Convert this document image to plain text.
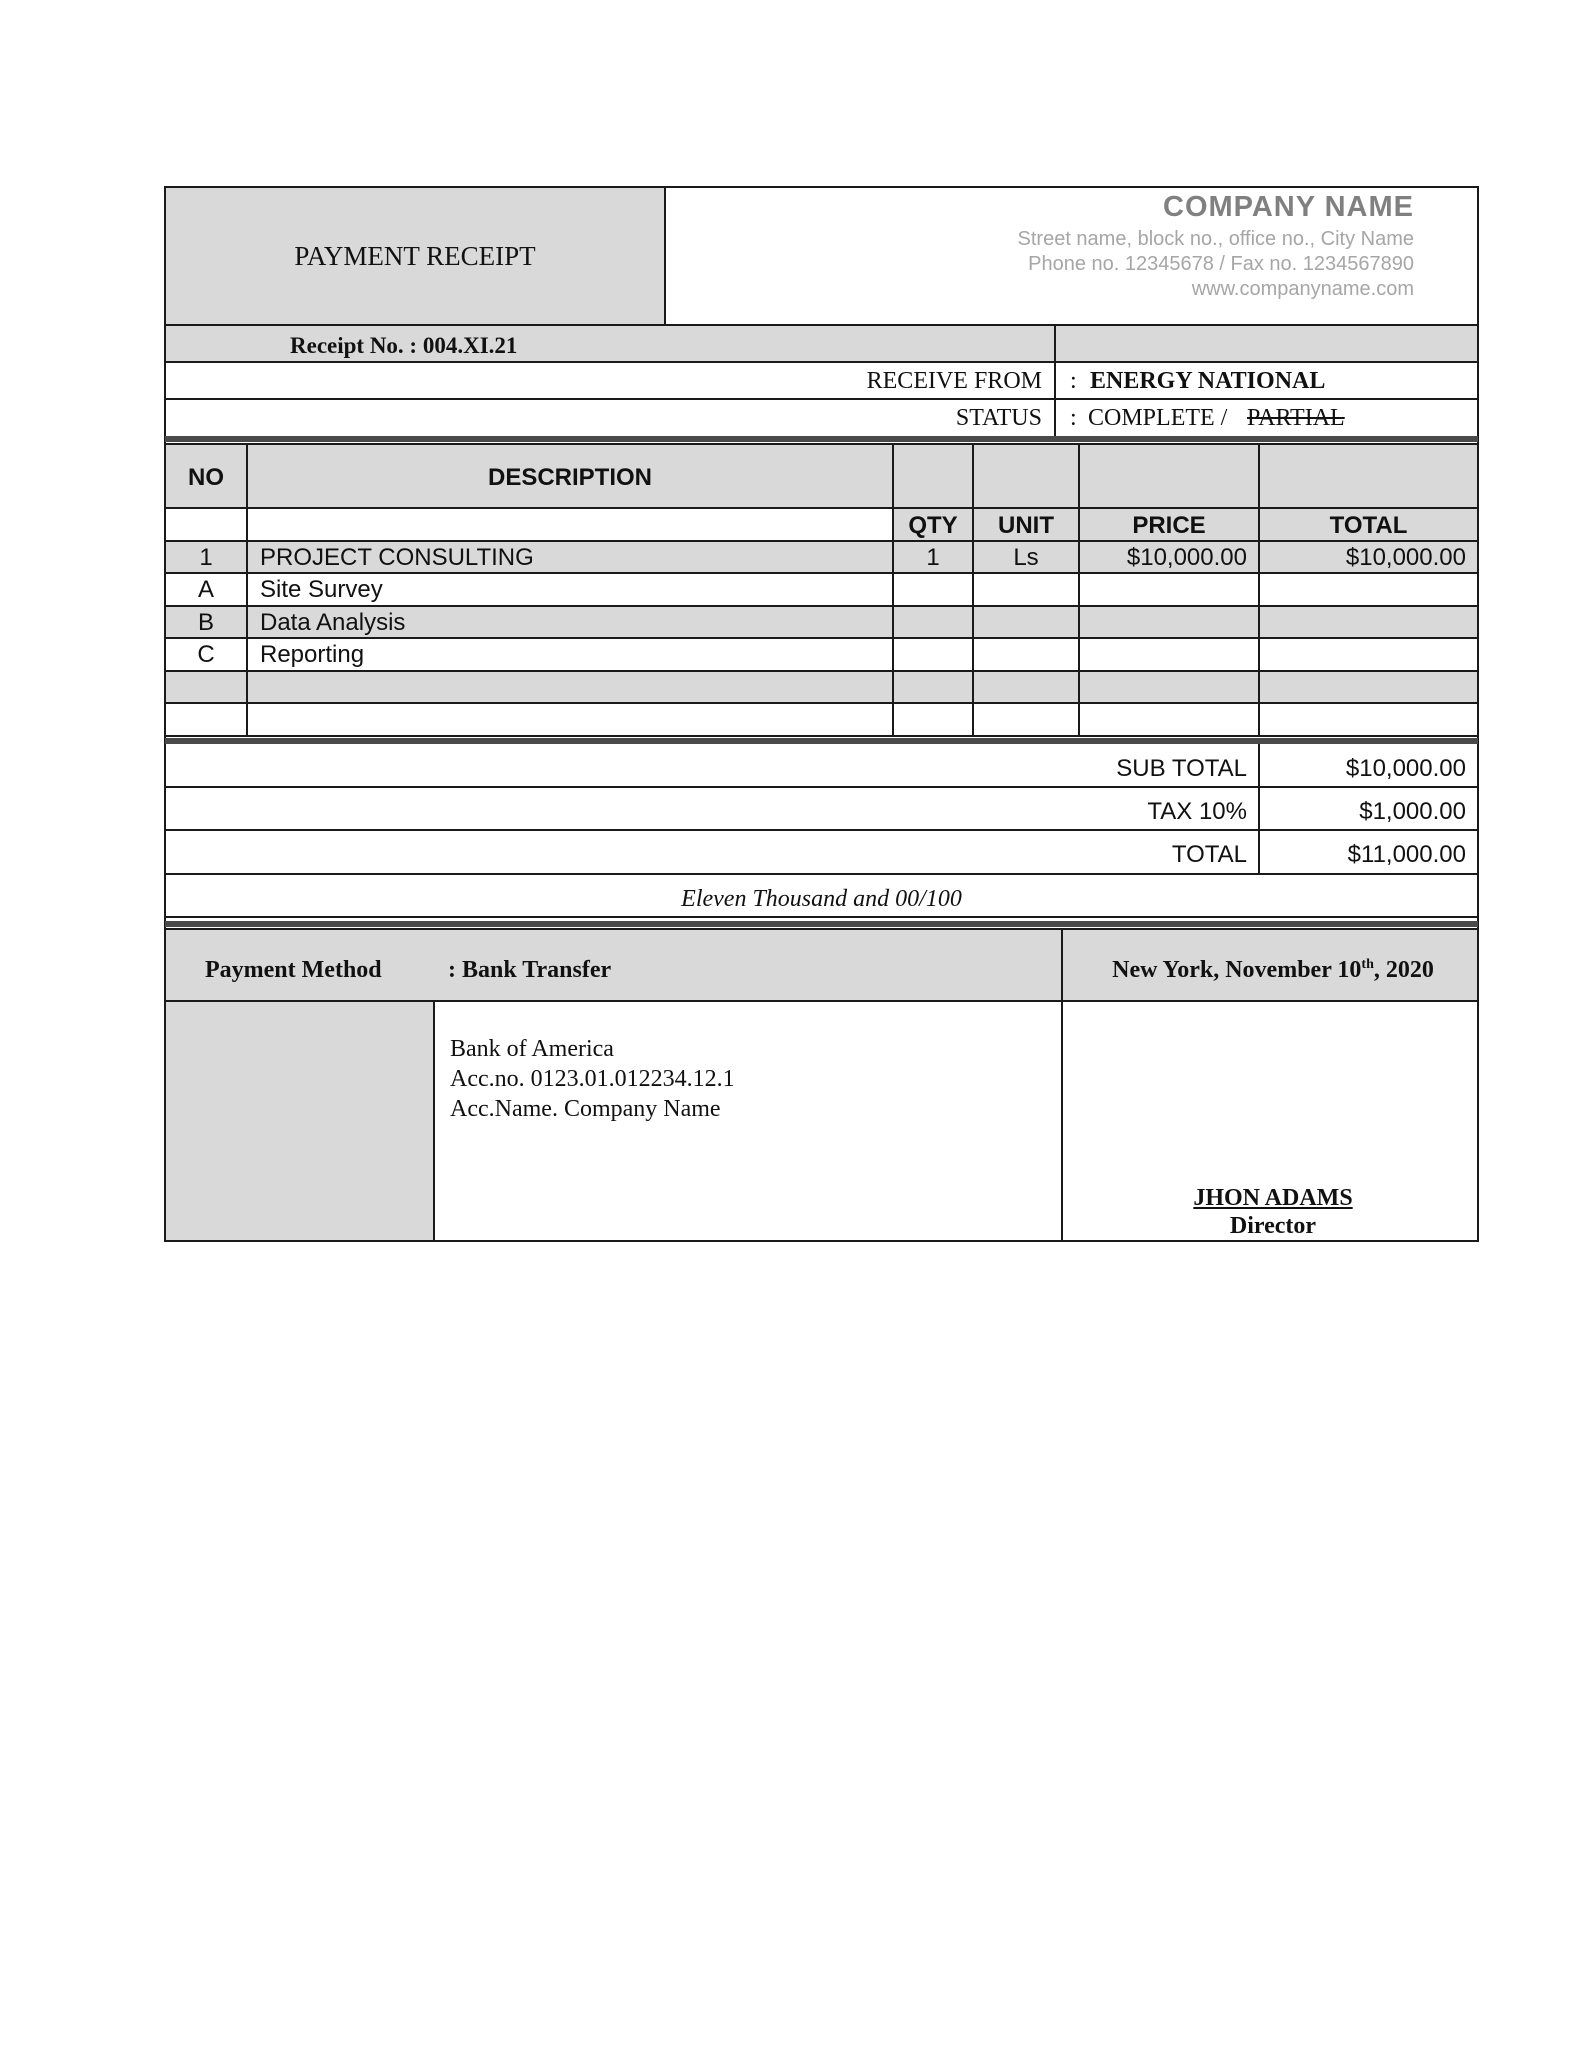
PAYMENT RECEIPT
COMPANY NAME
Street name, block no., office no., City Name
Phone no. 12345678 / Fax no. 1234567890
www.companyname.com
Receipt No. : 004.XI.21
RECEIVE FROM : ENERGY NATIONAL
STATUS : COMPLETE / PARTIAL
NO	DESCRIPTION
QTY	UNIT	PRICE	TOTAL
1	PROJECT CONSULTING	1	Ls	$10,000.00	$10,000.00
A	Site Survey
B	Data Analysis
C	Reporting
SUB TOTAL	$10,000.00
TAX 10%	$1,000.00
TOTAL	$11,000.00
Eleven Thousand and 00/100
Payment Method	: Bank Transfer	New York, November 10th, 2020
Bank of America
Acc.no. 0123.01.012234.12.1
Acc.Name. Company Name
JHON ADAMS
Director
